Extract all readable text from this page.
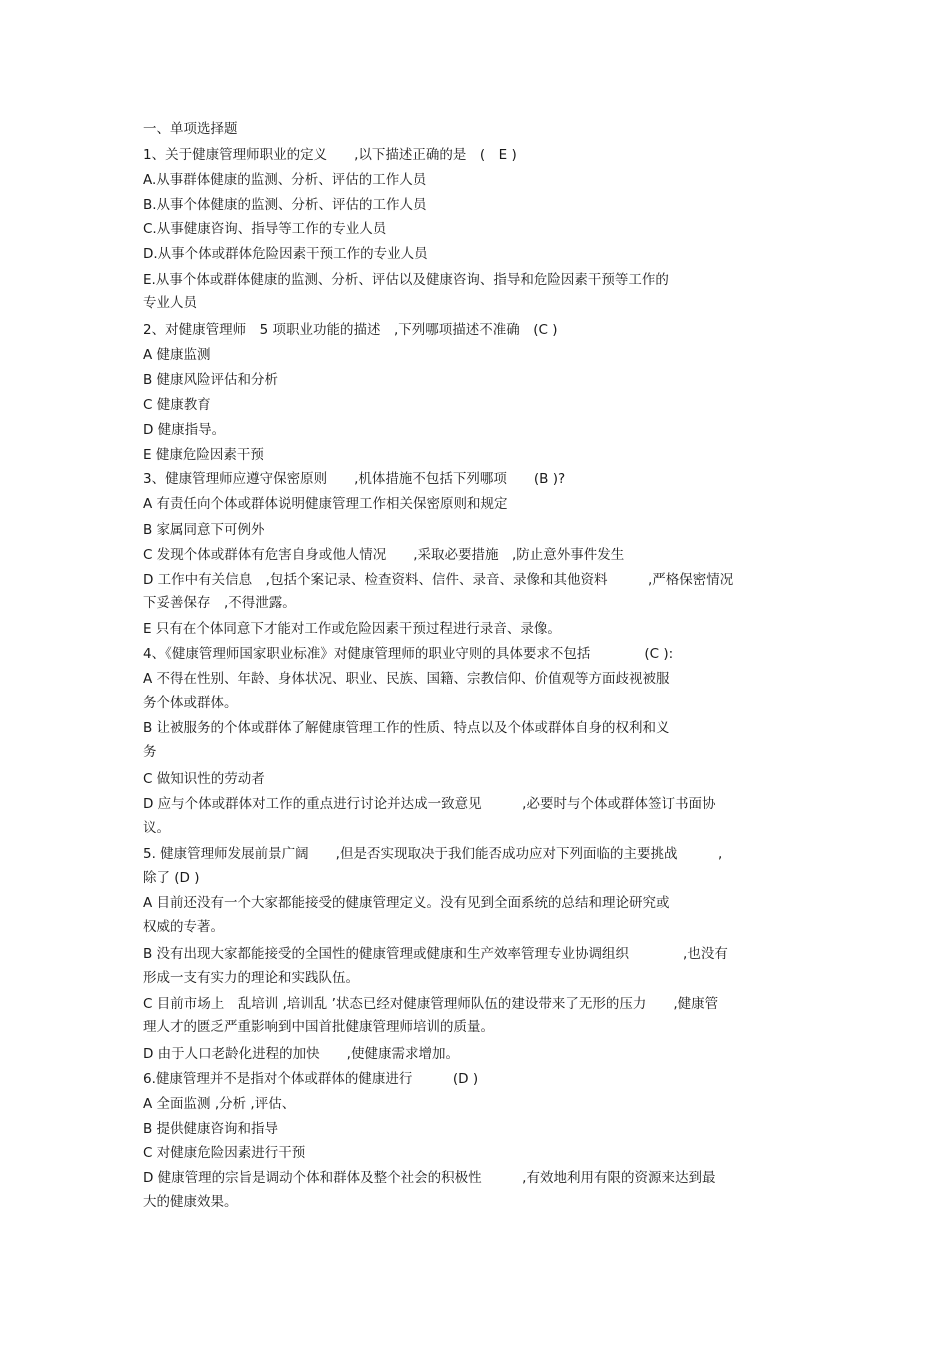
一、单项选择题
1、关于健康管理师职业的定义　　,以下描述正确的是　(　E )
A.从事群体健康的监测、分析、评估的工作人员
B.从事个体健康的监测、分析、评估的工作人员
C.从事健康咨询、指导等工作的专业人员
D.从事个体或群体危险因素干预工作的专业人员
E.从事个体或群体健康的监测、分析、评估以及健康咨询、指导和危险因素干预等工作的
专业人员
2、对健康管理师　5 项职业功能的描述　,下列哪项描述不准确　(C )
A 健康监测
B 健康风险评估和分析
C 健康教育
D 健康指导。
E 健康危险因素干预
3、健康管理师应遵守保密原则　　,机体措施不包括下列哪项　　(B )?
A 有责任向个体或群体说明健康管理工作相关保密原则和规定
B 家属同意下可例外
C 发现个体或群体有危害自身或他人情况　　,采取必要措施　,防止意外事件发生
D 工作中有关信息　,包括个案记录、检查资料、信件、录音、录像和其他资料　　　,严格保密情况
下妥善保存　,不得泄露。
E 只有在个体同意下才能对工作或危险因素干预过程进行录音、录像。
4、《健康管理师国家职业标准》对健康管理师的职业守则的具体要求不包括　　　　(C ):
A 不得在性别、年龄、身体状况、职业、民族、国籍、宗教信仰、价值观等方面歧视被服
务个体或群体。
B 让被服务的个体或群体了解健康管理工作的性质、特点以及个体或群体自身的权利和义
务
C 做知识性的劳动者
D 应与个体或群体对工作的重点进行讨论并达成一致意见　　　,必要时与个体或群体签订书面协
议。
5. 健康管理师发展前景广阔　　,但是否实现取决于我们能否成功应对下列面临的主要挑战　　　,
除了 (D )
A 目前还没有一个大家都能接受的健康管理定义。没有见到全面系统的总结和理论研究或
权威的专著。
B 没有出现大家都能接受的全国性的健康管理或健康和生产效率管理专业协调组织　　　　,也没有
形成一支有实力的理论和实践队伍。
C 目前市场上　乱培训 ,培训乱 ’状态已经对健康管理师队伍的建设带来了无形的压力　　,健康管
理人才的匮乏严重影响到中国首批健康管理师培训的质量。
D 由于人口老龄化进程的加快　　,使健康需求增加。
6.健康管理并不是指对个体或群体的健康进行　　　(D )
A 全面监测 ,分析 ,评估、
B 提供健康咨询和指导
C 对健康危险因素进行干预
D 健康管理的宗旨是调动个体和群体及整个社会的积极性　　　,有效地利用有限的资源来达到最
大的健康效果。
